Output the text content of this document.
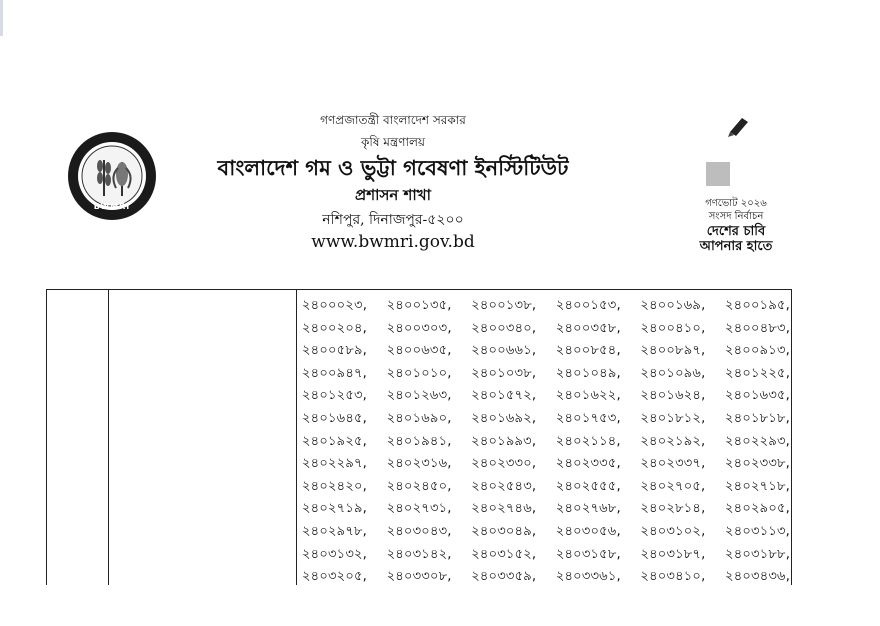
BWMRI
গণপ্রজাতন্ত্রী বাংলাদেশ সরকার
কৃষি মন্ত্রণালয়
বাংলাদেশ গম ও ভুট্টা গবেষণা ইনস্টিটিউট
প্রশাসন শাখা
নশিপুর, দিনাজপুর-৫২০০
www.bwmri.gov.bd
গণভোট ২০২৬
সংসদ নির্বাচন
দেশের চাবি
আপনার হাতে
২৪০০০২৩, ২৪০০১৩৫, ২৪০০১৩৮, ২৪০০১৫৩, ২৪০০১৬৯, ২৪০০১৯৫,
২৪০০২০৪, ২৪০০৩০৩, ২৪০০৩৪০, ২৪০০৩৫৮, ২৪০০৪১০, ২৪০০৪৮৩,
২৪০০৫৮৯, ২৪০০৬৩৫, ২৪০০৬৬১, ২৪০০৮৫৪, ২৪০০৮৯৭, ২৪০০৯১৩,
২৪০০৯৪৭, ২৪০১০১০, ২৪০১০৩৮, ২৪০১০৪৯, ২৪০১০৯৬, ২৪০১২২৫,
২৪০১২৫৩, ২৪০১২৬৩, ২৪০১৫৭২, ২৪০১৬২২, ২৪০১৬২৪, ২৪০১৬৩৫,
২৪০১৬৪৫, ২৪০১৬৯০, ২৪০১৬৯২, ২৪০১৭৫৩, ২৪০১৮১২, ২৪০১৮১৮,
২৪০১৯২৫, ২৪০১৯৪১, ২৪০১৯৯৩, ২৪০২১১৪, ২৪০২১৯২, ২৪০২২৯৩,
২৪০২২৯৭, ২৪০২৩১৬, ২৪০২৩৩০, ২৪০২৩৩৫, ২৪০২৩৩৭, ২৪০২৩৩৮,
২৪০২৪২০, ২৪০২৪৫০, ২৪০২৫৪৩, ২৪০২৫৫৫, ২৪০২৭০৫, ২৪০২৭১৮,
২৪০২৭১৯, ২৪০২৭৩১, ২৪০২৭৪৬, ২৪০২৭৬৮, ২৪০২৮১৪, ২৪০২৯০৫,
২৪০২৯৭৮, ২৪০৩০৪৩, ২৪০৩০৪৯, ২৪০৩০৫৬, ২৪০৩১০২, ২৪০৩১১৩,
২৪০৩১৩২, ২৪০৩১৪২, ২৪০৩১৫২, ২৪০৩১৫৮, ২৪০৩১৮৭, ২৪০৩১৮৮,
২৪০৩২০৫, ২৪০৩৩০৮, ২৪০৩৩৫৯, ২৪০৩৩৬১, ২৪০৩৪১০, ২৪০৩৪৩৬,
